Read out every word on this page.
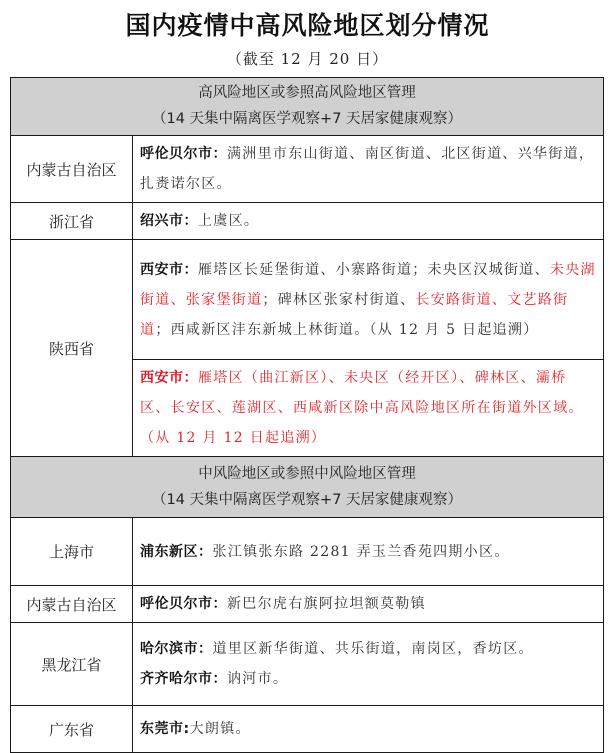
国内疫情中高风险地区划分情况
（截至 12 月 20 日）
高风险地区或参照高风险地区管理
（14 天集中隔离医学观察+7 天居家健康观察）	

内蒙古自治区	呼伦贝尔市：满洲里市东山街道、南区街道、北区街道、兴华街道，扎赉诺尔区。
浙江省	绍兴市：上虞区。
陕西省	西安市：雁塔区长延堡街道、小寨路街道；未央区汉城街道、未央湖街道、张家堡街道；碑林区张家村街道、长安路街道、文艺路街道；西咸新区沣东新城上林街道。（从 12 月 5 日起追溯）
	西安市：雁塔区（曲江新区）、未央区（经开区）、碑林区、灞桥区、长安区、莲湖区、西咸新区除中高风险地区所在街道外区域。（从 12 月 12 日起追溯）

中风险地区或参照中风险地区管理
（14 天集中隔离医学观察+7 天居家健康观察）	

上海市	浦东新区：张江镇张东路 2281 弄玉兰香苑四期小区。
内蒙古自治区	呼伦贝尔市：新巴尔虎右旗阿拉坦额莫勒镇
黑龙江省	哈尔滨市：道里区新华街道、共乐街道，南岗区，香坊区。
齐齐哈尔市：讷河市。

广东省	东莞市:大朗镇。
